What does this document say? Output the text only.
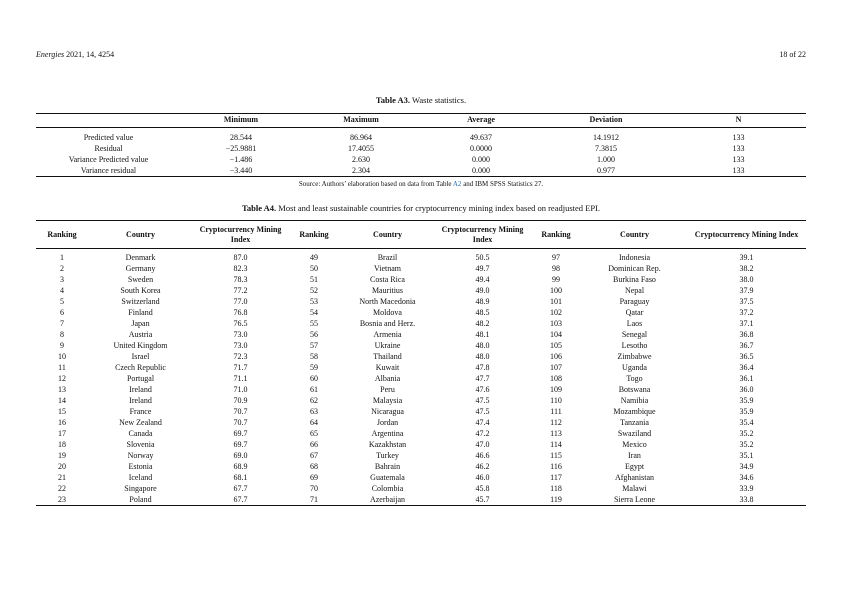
Energies 2021, 14, 4254	18 of 22
Table A3. Waste statistics.
	Minimum	Maximum	Average	Deviation	N
Predicted value	28.544	86.964	49.637	14.1912	133
Residual	−25.9881	17.4055	0.0000	7.3815	133
Variance Predicted value	−1.486	2.630	0.000	1.000	133
Variance residual	−3.440	2.304	0.000	0.977	133
Source: Authors’ elaboration based on data from Table A2 and IBM SPSS Statistics 27.
Table A4. Most and least sustainable countries for cryptocurrency mining index based on readjusted EPI.
Ranking	Country	Cryptocurrency Mining Index	Ranking	Country	Cryptocurrency Mining Index	Ranking	Country	Cryptocurrency Mining Index
1	Denmark	87.0	49	Brazil	50.5	97	Indonesia	39.1
2	Germany	82.3	50	Vietnam	49.7	98	Dominican Rep.	38.2
3	Sweden	78.3	51	Costa Rica	49.4	99	Burkina Faso	38.0
4	South Korea	77.2	52	Mauritius	49.0	100	Nepal	37.9
5	Switzerland	77.0	53	North Macedonia	48.9	101	Paraguay	37.5
6	Finland	76.8	54	Moldova	48.5	102	Qatar	37.2
7	Japan	76.5	55	Bosnia and Herz.	48.2	103	Laos	37.1
8	Austria	73.0	56	Armenia	48.1	104	Senegal	36.8
9	United Kingdom	73.0	57	Ukraine	48.0	105	Lesotho	36.7
10	Israel	72.3	58	Thailand	48.0	106	Zimbabwe	36.5
11	Czech Republic	71.7	59	Kuwait	47.8	107	Uganda	36.4
12	Portugal	71.1	60	Albania	47.7	108	Togo	36.1
13	Ireland	71.0	61	Peru	47.6	109	Botswana	36.0
14	Ireland	70.9	62	Malaysia	47.5	110	Namibia	35.9
15	France	70.7	63	Nicaragua	47.5	111	Mozambique	35.9
16	New Zealand	70.7	64	Jordan	47.4	112	Tanzania	35.4
17	Canada	69.7	65	Argentina	47.2	113	Swaziland	35.2
18	Slovenia	69.7	66	Kazakhstan	47.0	114	Mexico	35.2
19	Norway	69.0	67	Turkey	46.6	115	Iran	35.1
20	Estonia	68.9	68	Bahrain	46.2	116	Egypt	34.9
21	Iceland	68.1	69	Guatemala	46.0	117	Afghanistan	34.6
22	Singapore	67.7	70	Colombia	45.8	118	Malawi	33.9
23	Poland	67.7	71	Azerbaijan	45.7	119	Sierra Leone	33.8
